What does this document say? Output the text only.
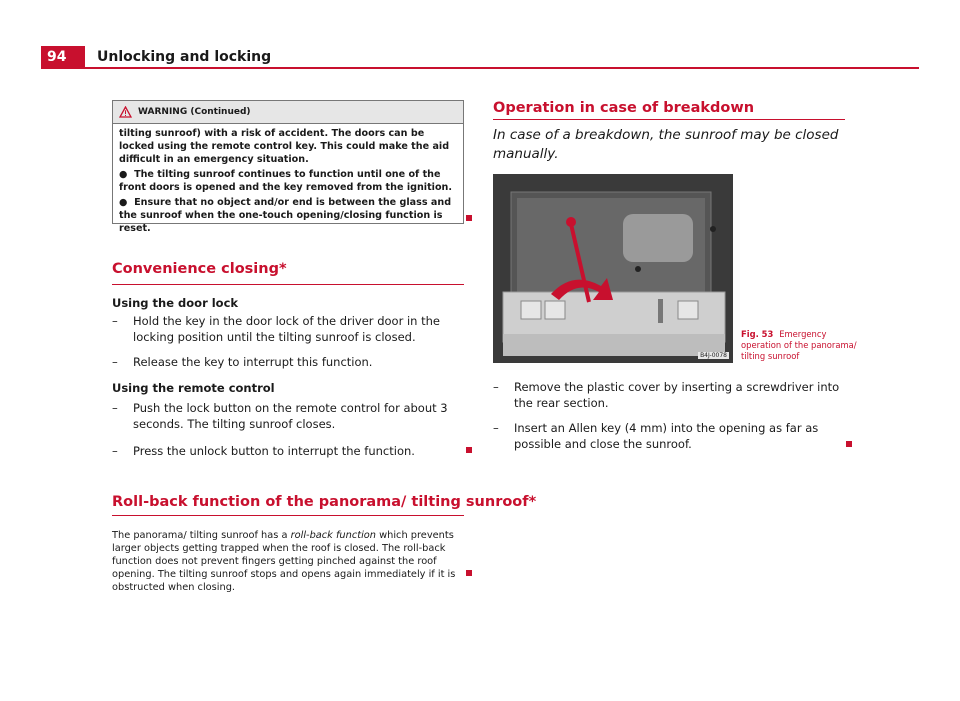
94	Unlocking and locking
WARNING (Continued)

tilting sunroof) with a risk of accident. The doors can be locked using the remote control key. This could make the aid difficult in an emergency situation.

● The tilting sunroof continues to function until one of the front doors is opened and the key removed from the ignition.

● Ensure that no object and/or end is between the glass and the sunroof when the one-touch opening/closing function is reset.

Convenience closing*
Using the door lock
– Hold the key in the door lock of the driver door in the locking position until the tilting sunroof is closed.
– Release the key to interrupt this function.
Using the remote control
– Push the lock button on the remote control for about 3 seconds. The tilting sunroof closes.
– Press the unlock button to interrupt the function.
Roll-back function of the panorama/ tilting sunroof*
The panorama/ tilting sunroof has a roll-back function which prevents larger objects getting trapped when the roof is closed. The roll-back function does not prevent fingers getting pinched against the roof opening. The tilting sunroof stops and opens again immediately if it is obstructed when closing.
Operation in case of breakdown
In case of a breakdown, the sunroof may be closed manually.
B4J-0078
Fig. 53 Emergency operation of the panorama/ tilting sunroof
– Remove the plastic cover by inserting a screwdriver into the rear section.
– Insert an Allen key (4 mm) into the opening as far as possible and close the sunroof.
